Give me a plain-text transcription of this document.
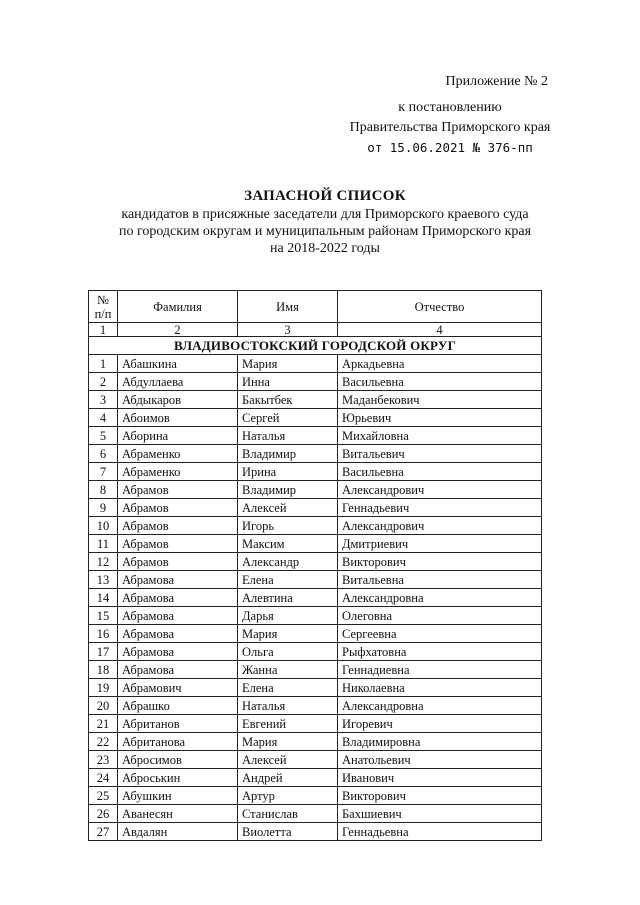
Приложение № 2
к постановлению
Правительства Приморского края
от 15.06.2021 № 376-пп
ЗАПАСНОЙ СПИСОК
кандидатов в присяжные заседатели для Приморского краевого суда
по городским округам и муниципальным районам Приморского края
на 2018-2022 годы
№
п/п	Фамилия	Имя	Отчество
1	2	3	4
ВЛАДИВОСТОКСКИЙ ГОРОДСКОЙ ОКРУГ			
1	Абашкина	Мария	Аркадьевна
2	Абдуллаева	Инна	Васильевна
3	Абдыкаров	Бакытбек	Маданбекович
4	Абоимов	Сергей	Юрьевич
5	Аборина	Наталья	Михайловна
6	Абраменко	Владимир	Витальевич
7	Абраменко	Ирина	Васильевна
8	Абрамов	Владимир	Александрович
9	Абрамов	Алексей	Геннадьевич
10	Абрамов	Игорь	Александрович
11	Абрамов	Максим	Дмитриевич
12	Абрамов	Александр	Викторович
13	Абрамова	Елена	Витальевна
14	Абрамова	Алевтина	Александровна
15	Абрамова	Дарья	Олеговна
16	Абрамова	Мария	Сергеевна
17	Абрамова	Ольга	Рыфхатовна
18	Абрамова	Жанна	Геннадиевна
19	Абрамович	Елена	Николаевна
20	Абрашко	Наталья	Александровна
21	Абританов	Евгений	Игоревич
22	Абританова	Мария	Владимировна
23	Абросимов	Алексей	Анатольевич
24	Аброськин	Андрей	Иванович
25	Абушкин	Артур	Викторович
26	Аванесян	Станислав	Бахшиевич
27	Авдалян	Виолетта	Геннадьевна
